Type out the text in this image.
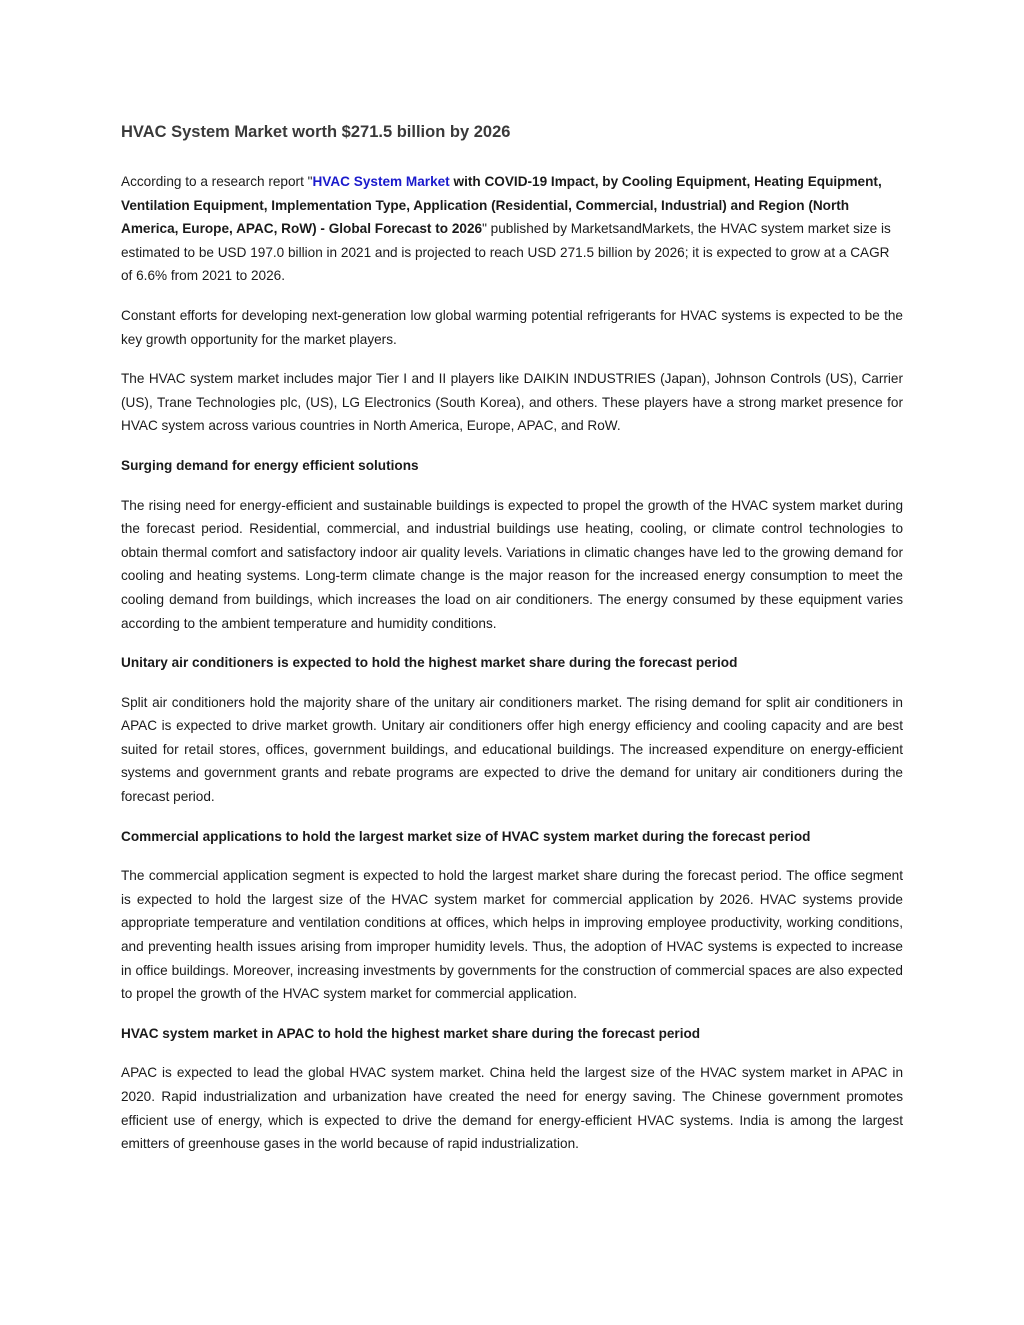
HVAC System Market worth $271.5 billion by 2026

According to a research report "HVAC System Market with COVID-19 Impact, by Cooling Equipment, Heating Equipment, Ventilation Equipment, Implementation Type, Application (Residential, Commercial, Industrial) and Region (North America, Europe, APAC, RoW) - Global Forecast to 2026" published by MarketsandMarkets, the HVAC system market size is estimated to be USD 197.0 billion in 2021 and is projected to reach USD 271.5 billion by 2026; it is expected to grow at a CAGR of 6.6% from 2021 to 2026.

Constant efforts for developing next-generation low global warming potential refrigerants for HVAC systems is expected to be the key growth opportunity for the market players.

The HVAC system market includes major Tier I and II players like DAIKIN INDUSTRIES (Japan), Johnson Controls (US), Carrier (US), Trane Technologies plc, (US), LG Electronics (South Korea), and others. These players have a strong market presence for HVAC system across various countries in North America, Europe, APAC, and RoW.

Surging demand for energy efficient solutions

The rising need for energy-efficient and sustainable buildings is expected to propel the growth of the HVAC system market during the forecast period. Residential, commercial, and industrial buildings use heating, cooling, or climate control technologies to obtain thermal comfort and satisfactory indoor air quality levels. Variations in climatic changes have led to the growing demand for cooling and heating systems. Long-term climate change is the major reason for the increased energy consumption to meet the cooling demand from buildings, which increases the load on air conditioners. The energy consumed by these equipment varies according to the ambient temperature and humidity conditions.

Unitary air conditioners is expected to hold the highest market share during the forecast period

Split air conditioners hold the majority share of the unitary air conditioners market. The rising demand for split air conditioners in APAC is expected to drive market growth. Unitary air conditioners offer high energy efficiency and cooling capacity and are best suited for retail stores, offices, government buildings, and educational buildings. The increased expenditure on energy-efficient systems and government grants and rebate programs are expected to drive the demand for unitary air conditioners during the forecast period.

Commercial applications to hold the largest market size of HVAC system market during the forecast period

The commercial application segment is expected to hold the largest market share during the forecast period. The office segment is expected to hold the largest size of the HVAC system market for commercial application by 2026. HVAC systems provide appropriate temperature and ventilation conditions at offices, which helps in improving employee productivity, working conditions, and preventing health issues arising from improper humidity levels. Thus, the adoption of HVAC systems is expected to increase in office buildings. Moreover, increasing investments by governments for the construction of commercial spaces are also expected to propel the growth of the HVAC system market for commercial application.

HVAC system market in APAC to hold the highest market share during the forecast period

APAC is expected to lead the global HVAC system market. China held the largest size of the HVAC system market in APAC in 2020. Rapid industrialization and urbanization have created the need for energy saving. The Chinese government promotes efficient use of energy, which is expected to drive the demand for energy-efficient HVAC systems. India is among the largest emitters of greenhouse gases in the world because of rapid industrialization.
